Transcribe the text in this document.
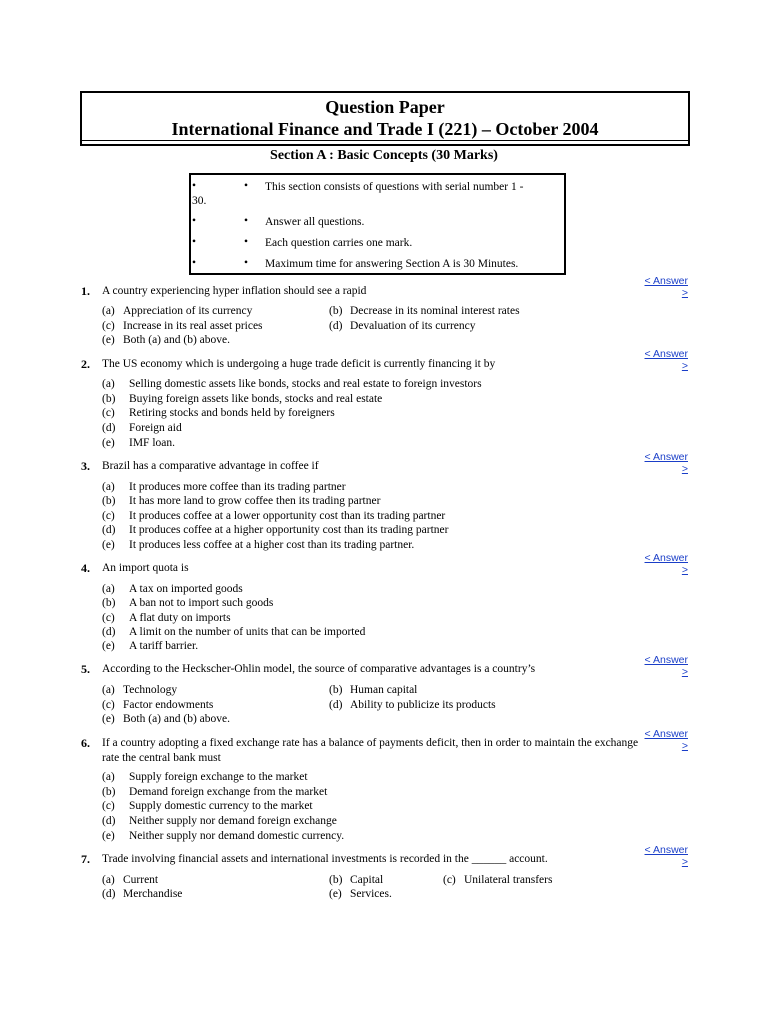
Question Paper
International Finance and Trade I (221) – October 2004
Section A : Basic Concepts (30 Marks)
•	• This section consists of questions with serial number 1 -
30.
•	• Answer all questions.
•	• Each question carries one mark.
•	• Maximum time for answering Section A is 30 Minutes.
< Answer
>
1. A country experiencing hyper inflation should see a rapid
(a) Appreciation of its currency	(b) Decrease in its nominal interest rates
(c) Increase in its real asset prices	(d) Devaluation of its currency
(e) Both (a) and (b) above.
< Answer
>
2. The US economy which is undergoing a huge trade deficit is currently financing it by
(a) Selling domestic assets like bonds, stocks and real estate to foreign investors
(b) Buying foreign assets like bonds, stocks and real estate
(c) Retiring stocks and bonds held by foreigners
(d) Foreign aid
(e) IMF loan.
< Answer
>
3. Brazil has a comparative advantage in coffee if
(a) It produces more coffee than its trading partner
(b) It has more land to grow coffee then its trading partner
(c) It produces coffee at a lower opportunity cost than its trading partner
(d) It produces coffee at a higher opportunity cost than its trading partner
(e) It produces less coffee at a higher cost than its trading partner.
< Answer
>
4. An import quota is
(a) A tax on imported goods
(b) A ban not to import such goods
(c) A flat duty on imports
(d) A limit on the number of units that can be imported
(e) A tariff barrier.
< Answer
>
5. According to the Heckscher-Ohlin model, the source of comparative advantages is a country’s
(a) Technology	(b) Human capital
(c) Factor endowments	(d) Ability to publicize its products
(e) Both (a) and (b) above.
< Answer
>
6. If a country adopting a fixed exchange rate has a balance of payments deficit, then in order to maintain the exchange rate the central bank must
(a) Supply foreign exchange to the market
(b) Demand foreign exchange from the market
(c) Supply domestic currency to the market
(d) Neither supply nor demand foreign exchange
(e) Neither supply nor demand domestic currency.
< Answer
>
7. Trade involving financial assets and international investments is recorded in the ______ account.
(a) Current	(b) Capital	(c) Unilateral transfers
(d) Merchandise	(e) Services.
